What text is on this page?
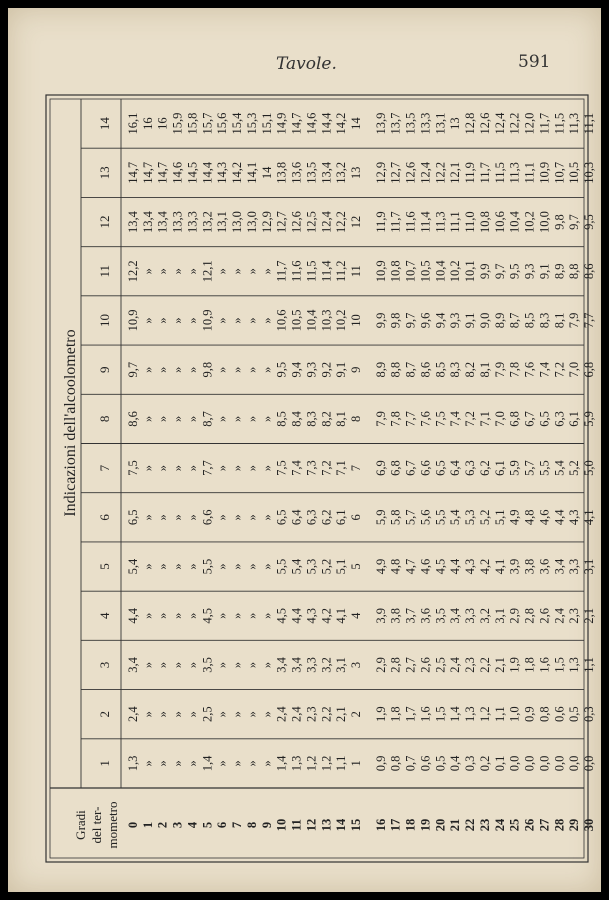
Tavole.	591
Gradi del ter- mometro
Indicazioni dell'alcoolometro
1
2
3
4
5
6
7
8
9
10
11
12
13
14
0 1 2 3 4 5 6 7 8 9 10 11 12 13 14 15 16 17 18 19 20 21 22 23 24 25 26 27 28 29 30
1,3
2,4
3,4
4,4
5,4
6,5
7,5
8,6
9,7
10,9
12,2
13,4
14,7
16,1
»
»
»
»
»
»
»
»
»
»
»
13,4
14,7
16
»
»
»
»
»
»
»
»
»
»
»
13,4
14,7
16
»
»
»
»
»
»
»
»
»
»
»
13,3
14,6
15,9
»
»
»
»
»
»
»
»
»
»
»
13,3
14,5
15,8
1,4
2,5
3,5
4,5
5,5
6,6
7,7
8,7
9,8
10,9
12,1
13,2
14,4
15,7
»
»
»
»
»
»
»
»
»
»
»
13,1
14,3
15,6
»
»
»
»
»
»
»
»
»
»
»
13,0
14,2
15,4
»
»
»
»
»
»
»
»
»
»
»
13,0
14,1
15,3
»
»
»
»
»
»
»
»
»
»
»
12,9
14
15,1
1,4
2,4
3,4
4,5
5,5
6,5
7,5
8,5
9,5
10,6
11,7
12,7
13,8
14,9
1,3
2,4
3,4
4,4
5,4
6,4
7,4
8,4
9,4
10,5
11,6
12,6
13,6
14,7
1,2
2,3
3,3
4,3
5,3
6,3
7,3
8,3
9,3
10,4
11,5
12,5
13,5
14,6
1,2
2,2
3,2
4,2
5,2
6,2
7,2
8,2
9,2
10,3
11,4
12,4
13,4
14,4
1,1
2,1
3,1
4,1
5,1
6,1
7,1
8,1
9,1
10,2
11,2
12,2
13,2
14,2
1
2
3
4
5
6
7
8
9
10
11
12
13
14
0,9
1,9
2,9
3,9
4,9
5,9
6,9
7,9
8,9
9,9
10,9
11,9
12,9
13,9
0,8
1,8
2,8
3,8
4,8
5,8
6,8
7,8
8,8
9,8
10,8
11,7
12,7
13,7
0,7
1,7
2,7
3,7
4,7
5,7
6,7
7,7
8,7
9,7
10,7
11,6
12,6
13,5
0,6
1,6
2,6
3,6
4,6
5,6
6,6
7,6
8,6
9,6
10,5
11,4
12,4
13,3
0,5
1,5
2,5
3,5
4,5
5,5
6,5
7,5
8,5
9,4
10,4
11,3
12,2
13,1
0,4
1,4
2,4
3,4
4,4
5,4
6,4
7,4
8,3
9,3
10,2
11,1
12,1
13
0,3
1,3
2,3
3,3
4,3
5,3
6,3
7,2
8,2
9,1
10,1
11,0
11,9
12,8
0,2
1,2
2,2
3,2
4,2
5,2
6,2
7,1
8,1
9,0
9,9
10,8
11,7
12,6
0,1
1,1
2,1
3,1
4,1
5,1
6,1
7,0
7,9
8,9
9,7
10,6
11,5
12,4
0,0
1,0
1,9
2,9
3,9
4,9
5,9
6,8
7,8
8,7
9,5
10,4
11,3
12,2
0,0
0,9
1,8
2,8
3,8
4,8
5,7
6,7
7,6
8,5
9,3
10,2
11,1
12,0
0,0
0,8
1,6
2,6
3,6
4,6
5,5
6,5
7,4
8,3
9,1
10,0
10,9
11,7
0,0
0,6
1,5
2,4
3,4
4,4
5,4
6,3
7,2
8,1
8,9
9,8
10,7
11,5
0,0
0,5
1,3
2,3
3,3
4,3
5,2
6,1
7,0
7,9
8,8
9,7
10,5
11,3
0,0
0,3
1,1
2,1
3,1
4,1
5,0
5,9
6,8
7,7
8,6
9,5
10,3
11,1
